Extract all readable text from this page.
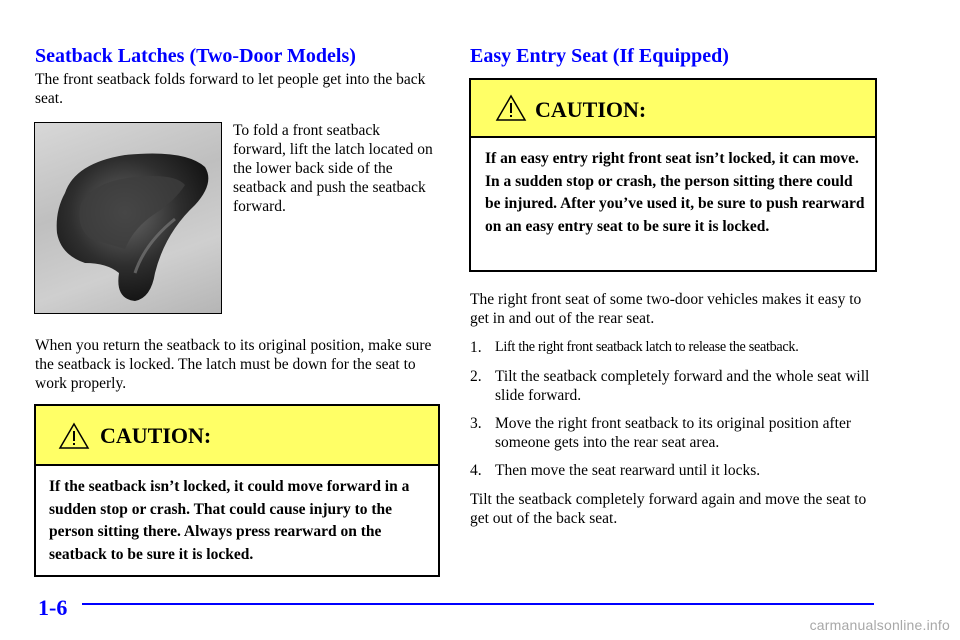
Seatback Latches (Two-Door Models)

The front seatback folds forward to let people get into the back seat.

To fold a front seatback forward, lift the latch located on the lower back side of the seatback and push the seatback forward.

When you return the seatback to its original position, make sure the seatback is locked. The latch must be down for the seat to work properly.

CAUTION:

If the seatback isn’t locked, it could move forward in a sudden stop or crash. That could cause injury to the person sitting there. Always press rearward on the seatback to be sure it is locked.

Easy Entry Seat (If Equipped)

CAUTION:

If an easy entry right front seat isn’t locked, it can move. In a sudden stop or crash, the person sitting there could be injured. After you’ve used it, be sure to push rearward on an easy entry seat to be sure it is locked.

The right front seat of some two-door vehicles makes it easy to get in and out of the rear seat.

1. Lift the right front seatback latch to release the seatback.

2. Tilt the seatback completely forward and the whole seat will slide forward.

3. Move the right front seatback to its original position after someone gets into the rear seat area.

4. Then move the seat rearward until it locks.

Tilt the seatback completely forward again and move the seat to get out of the back seat.

1-6

carmanualsonline.info
